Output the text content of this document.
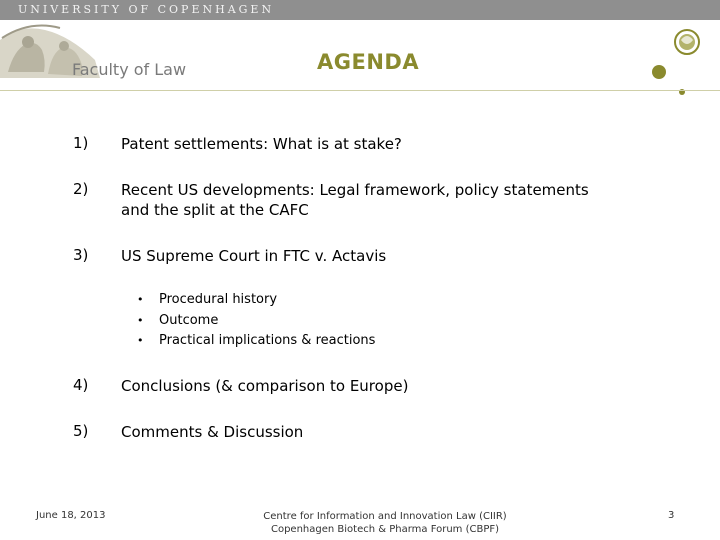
UNIVERSITY OF COPENHAGEN
Faculty of Law	AGENDA
1) Patent settlements: What is at stake?
2) Recent US developments: Legal framework, policy statements and the split at the CAFC
3) US Supreme Court in FTC v. Actavis
•	Procedural history
•	Outcome
•	Practical implications & reactions
4) Conclusions (& comparison to Europe)
5) Comments & Discussion
June 18, 2013	Centre for Information and Innovation Law (CIIR)
Copenhagen Biotech & Pharma Forum (CBPF)
3
